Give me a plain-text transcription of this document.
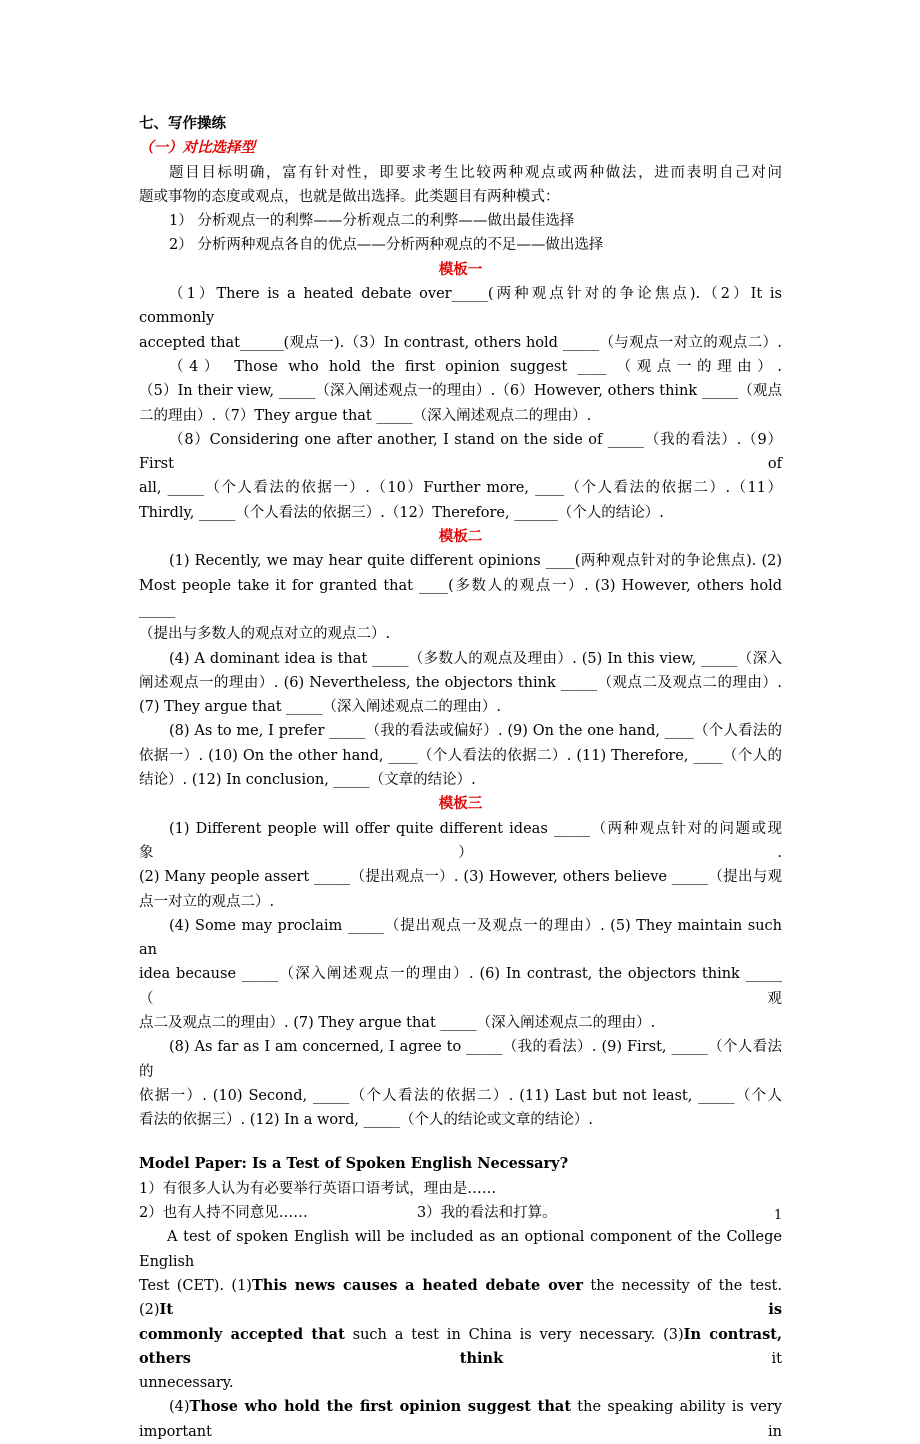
七、写作操练
（一）对比选择型
题目目标明确，富有针对性，即要求考生比较两种观点或两种做法，进而表明自己对问
题或事物的态度或观点，也就是做出选择。此类题目有两种模式：
1） 分析观点一的利弊——分析观点二的利弊——做出最佳选择
2） 分析两种观点各自的优点——分析两种观点的不足——做出选择
模板一
（1）There is a heated debate over_____(两种观点针对的争论焦点).（2）It is commonly
accepted that______(观点一).（3）In contrast, others hold _____（与观点一对立的观点二）.
（4） Those who hold the first opinion suggest ____ （观点一的理由）.
（5）In their view, _____（深入阐述观点一的理由）.（6）However, others think _____（观点
二的理由）.（7）They argue that _____（深入阐述观点二的理由）.
（8）Considering one after another, I stand on the side of _____（我的看法）.（9）First of
all, _____（个人看法的依据一）.（10）Further more, ____（个人看法的依据二）.（11）
Thirdly, _____（个人看法的依据三）.（12）Therefore, ______（个人的结论）.
模板二
(1) Recently, we may hear quite different opinions ____(两种观点针对的争论焦点). (2)
Most people take it for granted that ____(多数人的观点一）. (3) However, others hold _____
（提出与多数人的观点对立的观点二）.
(4) A dominant idea is that _____（多数人的观点及理由）. (5) In this view, _____（深入
阐述观点一的理由）. (6) Nevertheless, the objectors think _____（观点二及观点二的理由）.
(7) They argue that _____（深入阐述观点二的理由）.
(8) As to me, I prefer _____（我的看法或偏好）. (9) On the one hand, ____（个人看法的
依据一）. (10) On the other hand, ____（个人看法的依据二）. (11) Therefore, ____（个人的
结论）. (12) In conclusion, _____（文章的结论）.
模板三
(1) Different people will offer quite different ideas _____（两种观点针对的问题或现象）.
(2) Many people assert _____（提出观点一）. (3) However, others believe _____（提出与观
点一对立的观点二）.
(4) Some may proclaim _____（提出观点一及观点一的理由）. (5) They maintain such an
idea because _____（深入阐述观点一的理由）. (6) In contrast, the objectors think _____（观
点二及观点二的理由）. (7) They argue that _____（深入阐述观点二的理由）.
(8) As far as I am concerned, I agree to _____（我的看法）. (9) First, _____（个人看法的
依据一）. (10) Second, _____（个人看法的依据二）. (11) Last but not least, _____（个人
看法的依据三）. (12) In a word, _____（个人的结论或文章的结论）.
Model Paper: Is a Test of Spoken English Necessary?
1）有很多人认为有必要举行英语口语考试，理由是……
2）也有人持不同意见……	3）我的看法和打算。
A test of spoken English will be included as an optional component of the College English
Test (CET). (1)This news causes a heated debate over the necessity of the test. (2)It is
commonly accepted that such a test in China is very necessary. (3)In contrast, others think it
unnecessary.
(4)Those who hold the first opinion suggest that the speaking ability is very important in
1
